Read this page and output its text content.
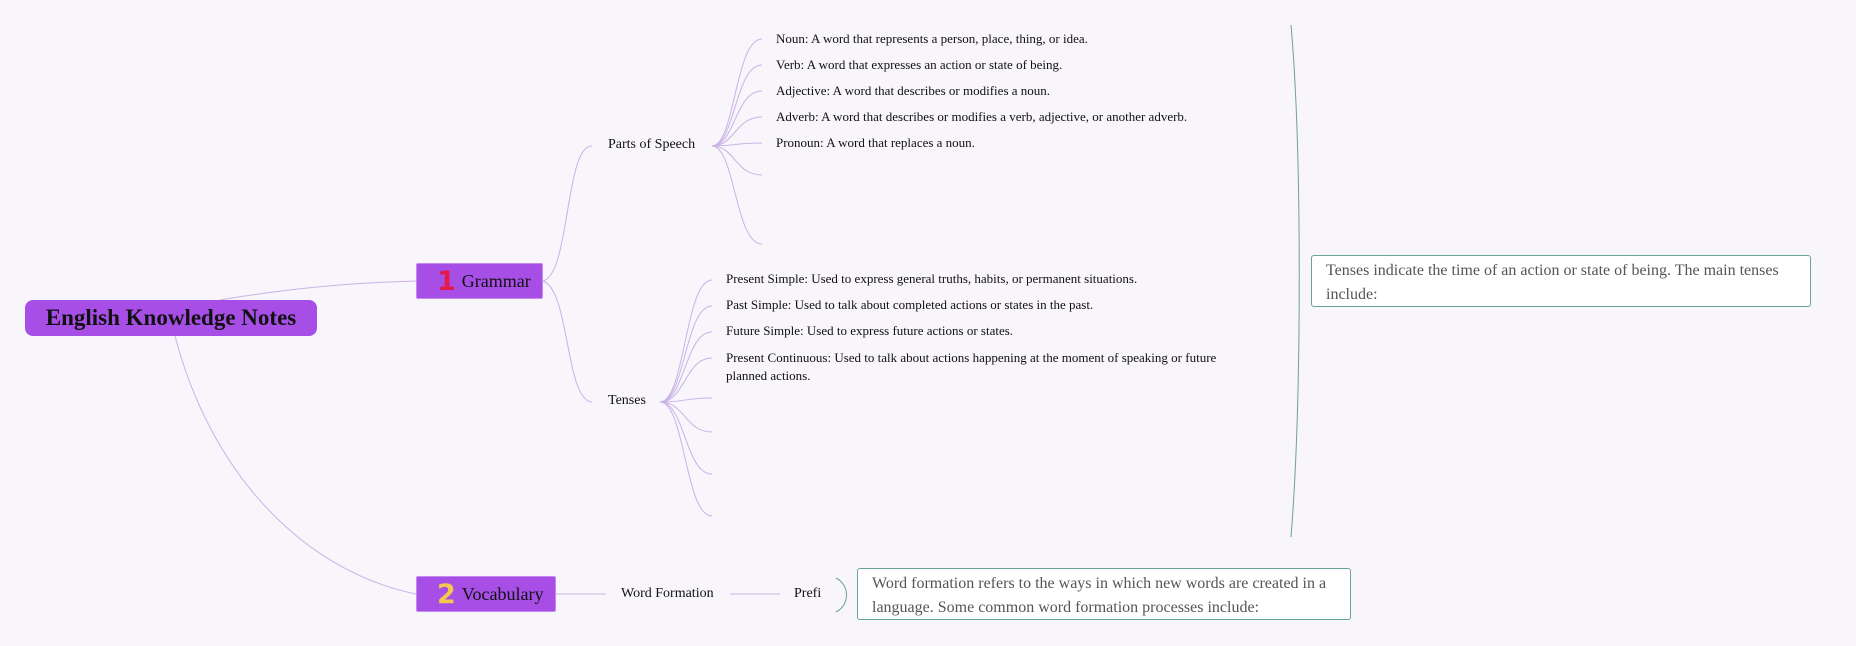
English Knowledge Notes
1 Grammar
2 Vocabulary
Parts of Speech
Tenses
Word Formation	Prefi
Noun: A word that represents a person, place, thing, or idea.
Verb: A word that expresses an action or state of being.
Adjective: A word that describes or modifies a noun.
Adverb: A word that describes or modifies a verb, adjective, or another adverb.
Pronoun: A word that replaces a noun.
Present Simple: Used to express general truths, habits, or permanent situations.
Past Simple: Used to talk about completed actions or states in the past.
Future Simple: Used to express future actions or states.
Present Continuous: Used to talk about actions happening at the moment of speaking or future planned actions.
Tenses indicate the time of an action or state of being. The main tenses include:
Word formation refers to the ways in which new words are created in a language. Some common word formation processes include:
